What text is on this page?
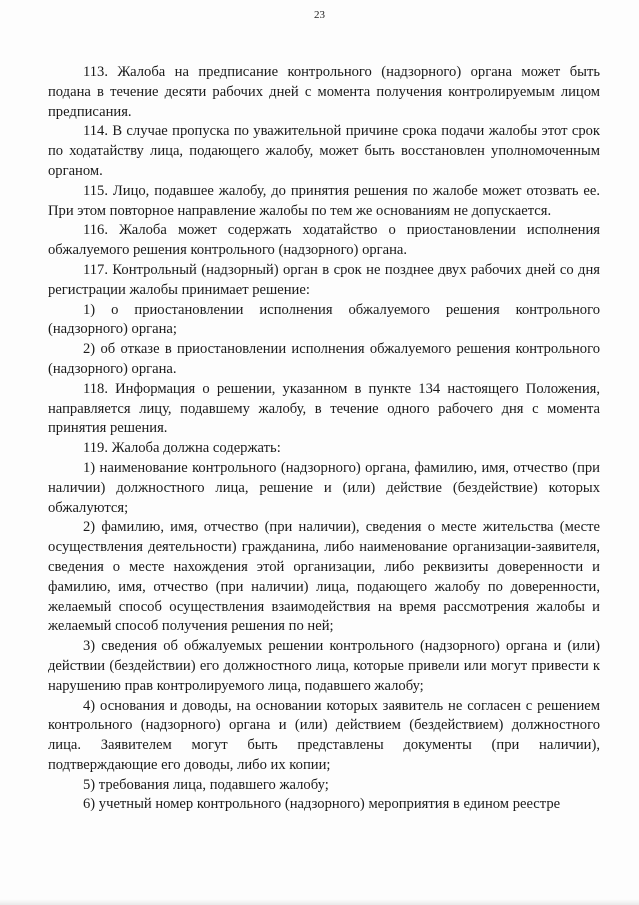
23

113. Жалоба на предписание контрольного (надзорного) органа может быть подана в течение десяти рабочих дней с момента получения контролируемым лицом предписания.

114. В случае пропуска по уважительной причине срока подачи жалобы этот срок по ходатайству лица, подающего жалобу, может быть восстановлен уполномоченным органом.

115. Лицо, подавшее жалобу, до принятия решения по жалобе может отозвать ее. При этом повторное направление жалобы по тем же основаниям не допускается.

116. Жалоба может содержать ходатайство о приостановлении исполнения обжалуемого решения контрольного (надзорного) органа.

117. Контрольный (надзорный) орган в срок не позднее двух рабочих дней со дня регистрации жалобы принимает решение:

1) о приостановлении исполнения обжалуемого решения контрольного (надзорного) органа;

2) об отказе в приостановлении исполнения обжалуемого решения контрольного (надзорного) органа.

118. Информация о решении, указанном в пункте 134 настоящего Положения, направляется лицу, подавшему жалобу, в течение одного рабочего дня с момента принятия решения.

119. Жалоба должна содержать:

1) наименование контрольного (надзорного) органа, фамилию, имя, отчество (при наличии) должностного лица, решение и (или) действие (бездействие) которых обжалуются;

2) фамилию, имя, отчество (при наличии), сведения о месте жительства (месте осуществления деятельности) гражданина, либо наименование организации-заявителя, сведения о месте нахождения этой организации, либо реквизиты доверенности и фамилию, имя, отчество (при наличии) лица, подающего жалобу по доверенности, желаемый способ осуществления взаимодействия на время рассмотрения жалобы и желаемый способ получения решения по ней;

3) сведения об обжалуемых решении контрольного (надзорного) органа и (или) действии (бездействии) его должностного лица, которые привели или могут привести к нарушению прав контролируемого лица, подавшего жалобу;

4) основания и доводы, на основании которых заявитель не согласен с решением контрольного (надзорного) органа и (или) действием (бездействием) должностного лица. Заявителем могут быть представлены документы (при наличии), подтверждающие его доводы, либо их копии;

5) требования лица, подавшего жалобу;

6) учетный номер контрольного (надзорного) мероприятия в едином реестре
